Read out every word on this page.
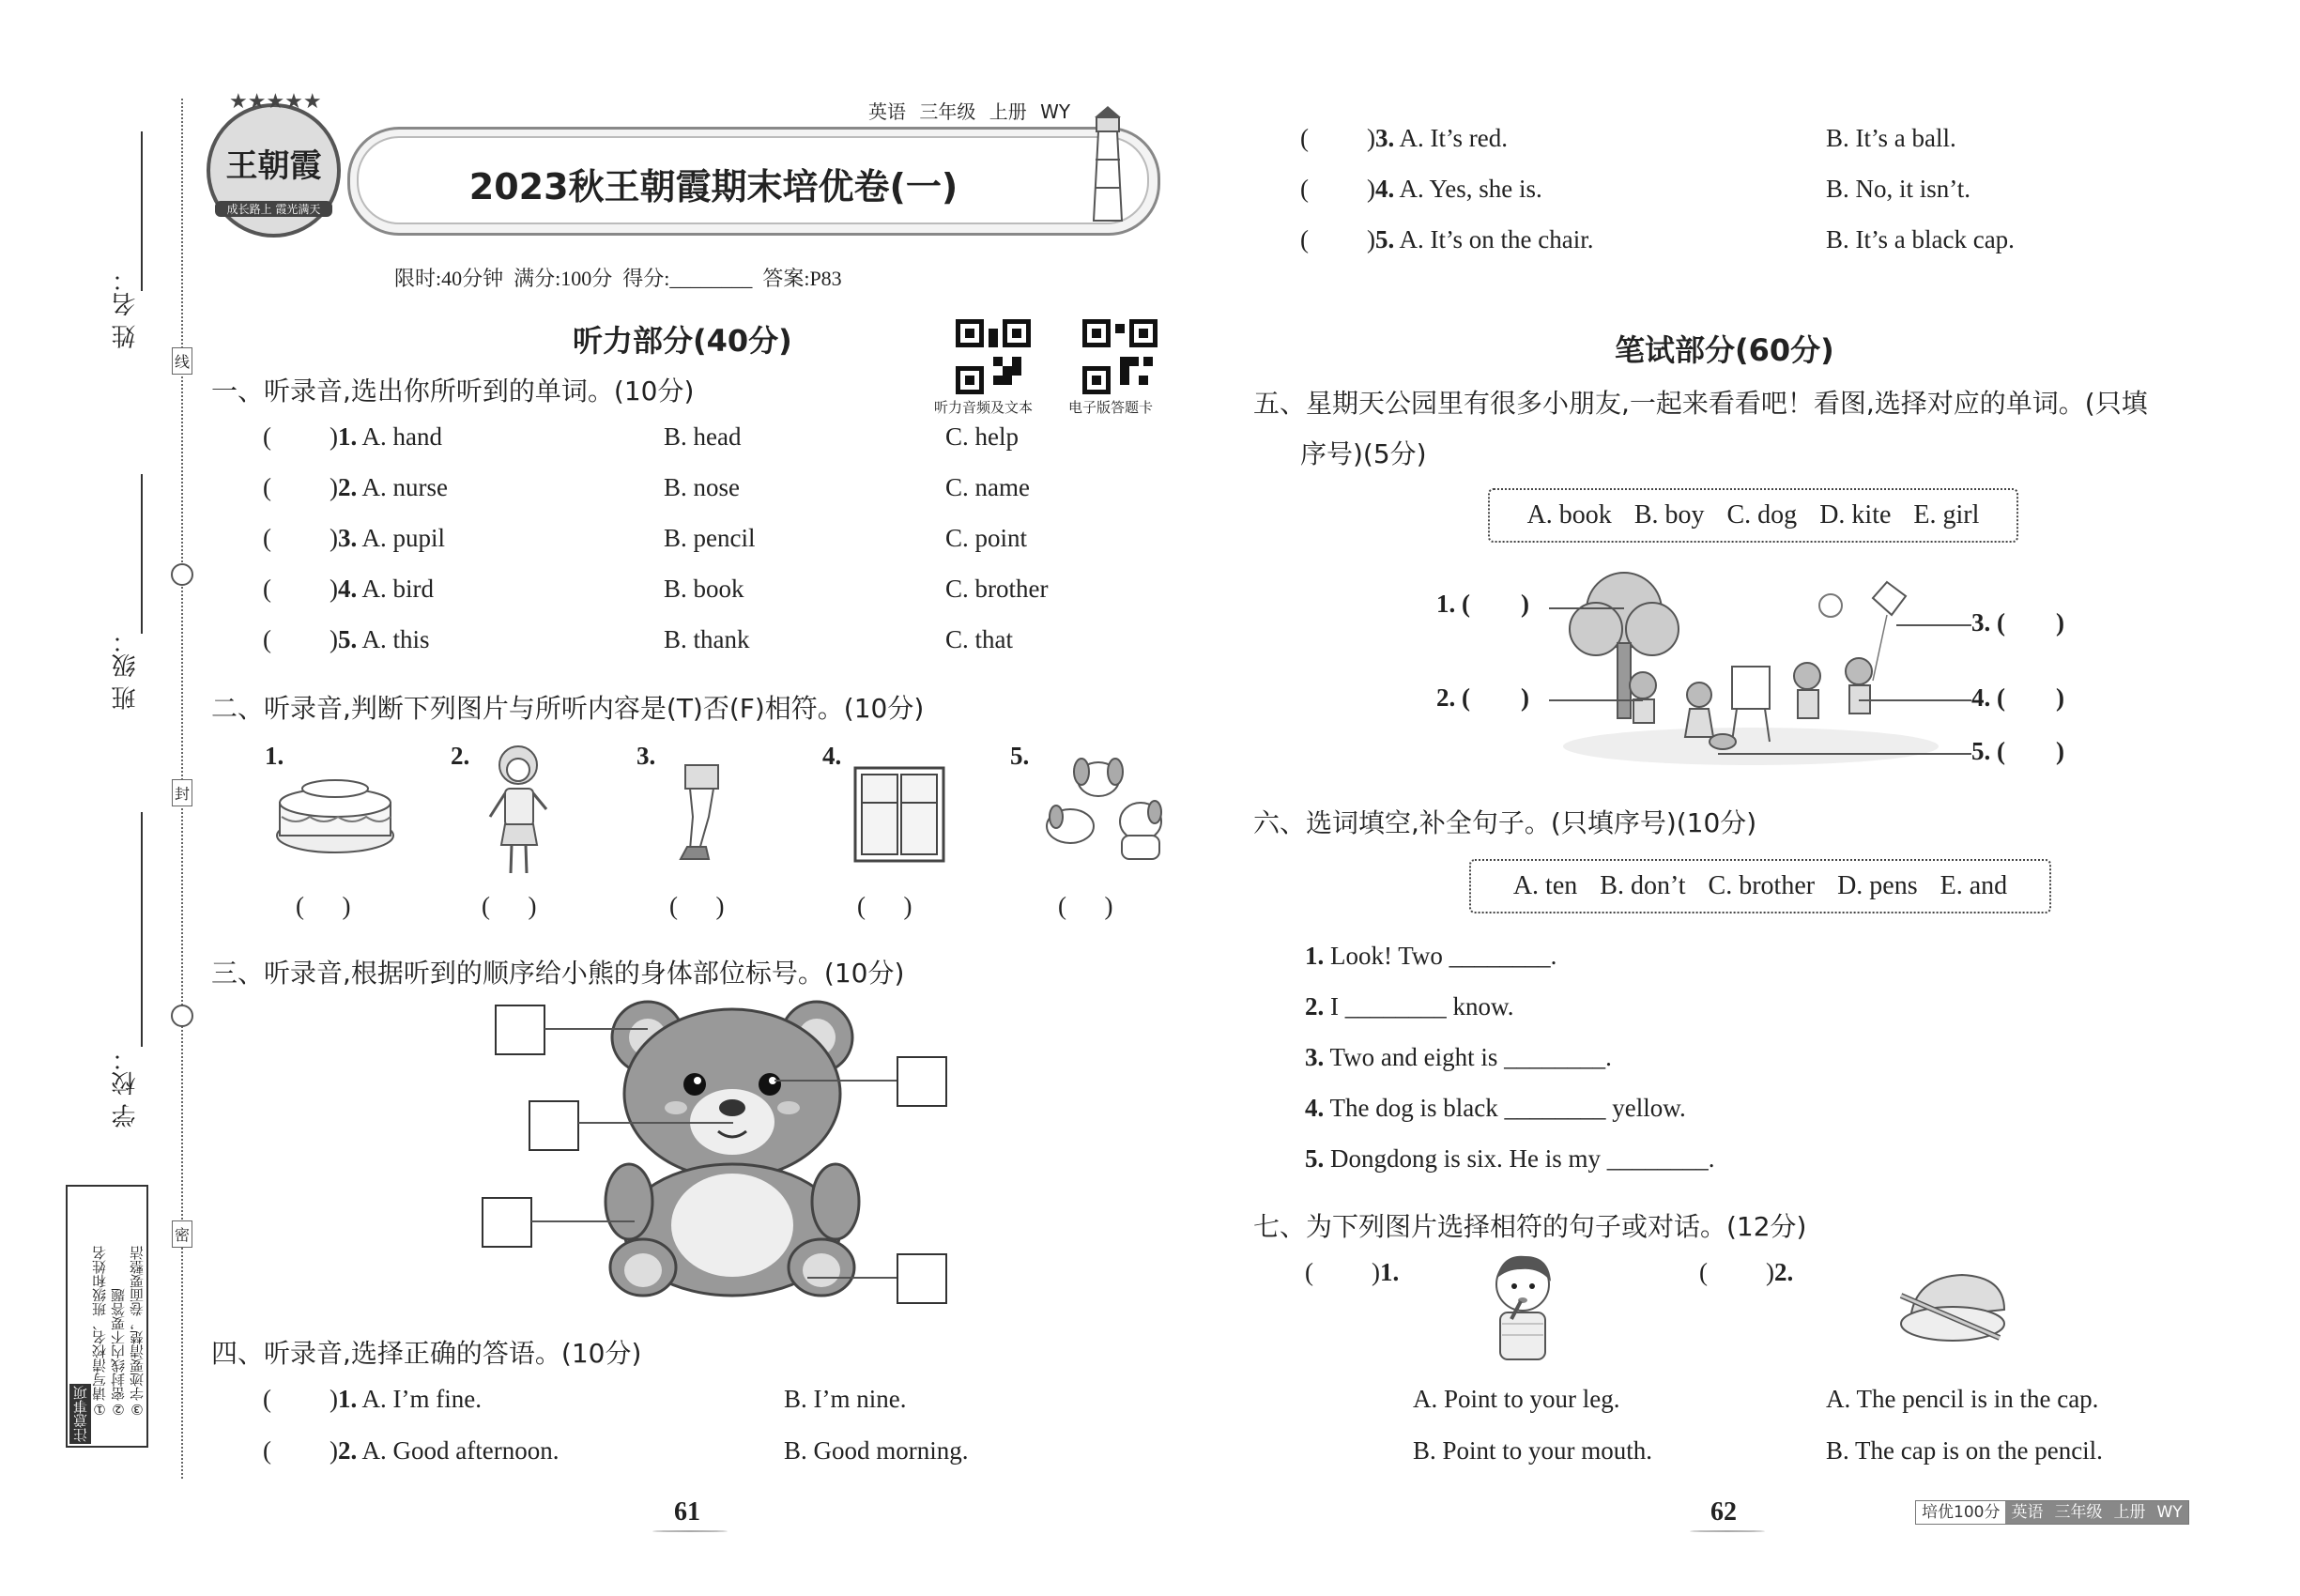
姓 名：
班 级：
学 校：
线
封
密
注意事项 ①请写清校名、班级和姓名 ②密封线内不要答题 ③字迹要清楚，卷面要整洁
英语 三年级 上册 WY
★★★★★
王朝霞
成长路上 霞光满天
2023秋王朝霞期末培优卷(一)
限时:40分钟  满分:100分  得分:________  答案:P83
听力部分(40分)
听力音频及文本	电子版答题卡
一、听录音,选出你所听到的单词。(10分)
( )1. A. hand	B. head	C. help
( )2. A. nurse	B. nose	C. name
( )3. A. pupil	B. pencil	C. point
( )4. A. bird	B. book	C. brother
( )5. A. this	B. thank	C. that
二、听录音,判断下列图片与所听内容是(T)否(F)相符。(10分)
1.	2.	3.	4.	5.
(      )	(      )	(      )	(      )	(      )
三、听录音,根据听到的顺序给小熊的身体部位标号。(10分)
四、听录音,选择正确的答语。(10分)
( )1. A. I’m fine.	B. I’m nine.
( )2. A. Good afternoon.	B. Good morning.
61
( )3. A. It’s red.	B. It’s a ball.
( )4. A. Yes, she is.	B. No, it isn’t.
( )5. A. It’s on the chair.	B. It’s a black cap.
笔试部分(60分)
五、星期天公园里有很多小朋友,一起来看看吧！看图,选择对应的单词。(只填
序号)(5分)
A. book B. boy C. dog D. kite E. girl
1. (        )
2. (        )
3. (        )
4. (        )
5. (        )
六、选词填空,补全句子。(只填序号)(10分)
A. ten B. don’t C. brother D. pens E. and
1. Look! Two ________.
2. I ________ know.
3. Two and eight is ________.
4. The dog is black ________ yellow.
5. Dongdong is six. He is my ________.
七、为下列图片选择相符的句子或对话。(12分)
( )1.
A. Point to your leg.
B. Point to your mouth.
( )2.
A. The pencil is in the cap.
B. The cap is on the pencil.
62	培优100分 英语 三年级 上册 WY
